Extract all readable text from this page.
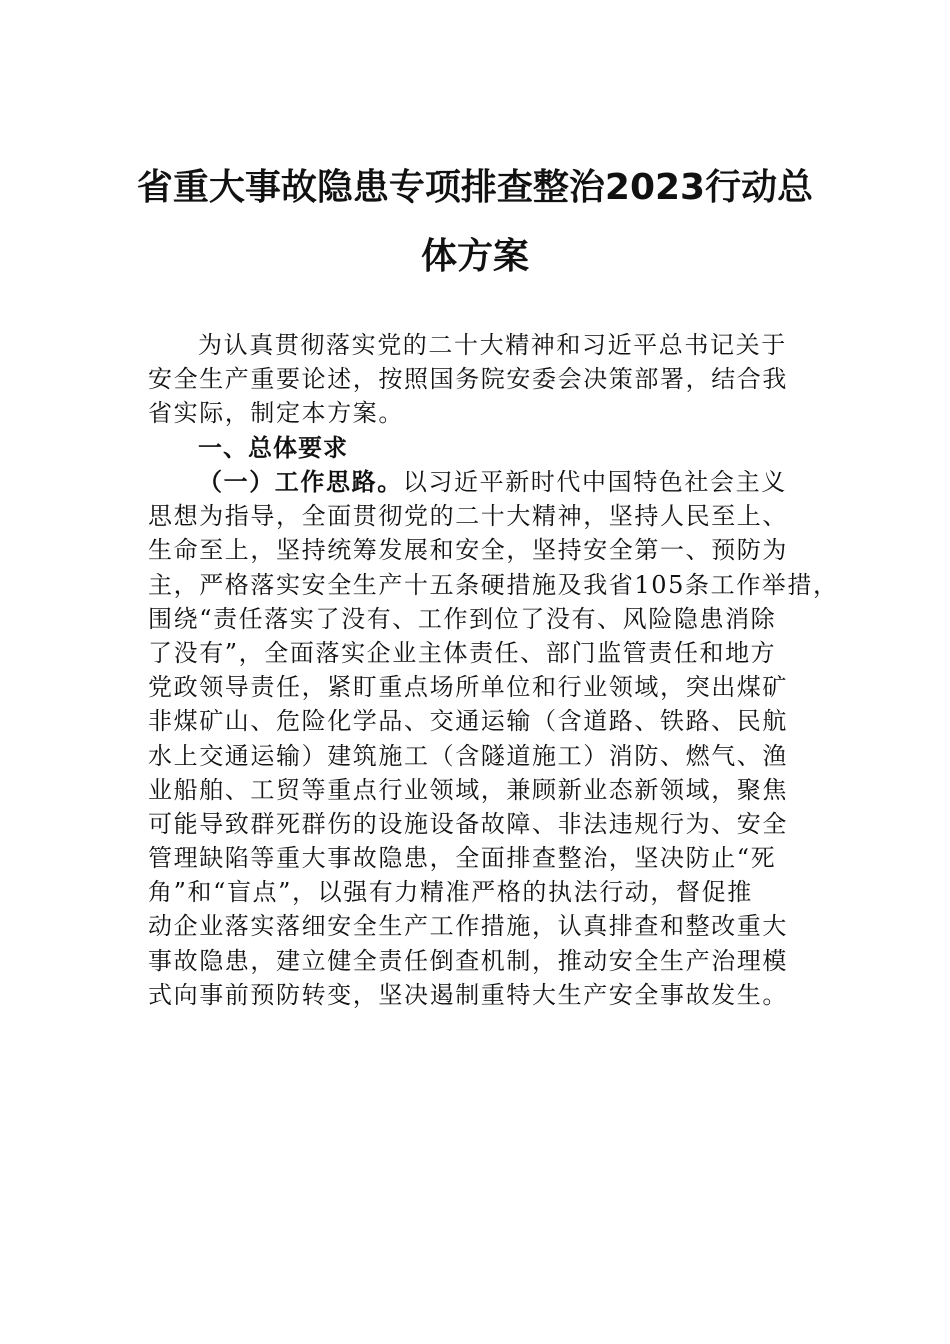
省重大事故隐患专项排查整治2023行动总
体方案
为认真贯彻落实党的二十大精神和习近平总书记关于
安全生产重要论述，按照国务院安委会决策部署，结合我
省实际，制定本方案。
一、总体要求
（一）工作思路。以习近平新时代中国特色社会主义
思想为指导，全面贯彻党的二十大精神，坚持人民至上、
生命至上，坚持统筹发展和安全，坚持安全第一、预防为
主，严格落实安全生产十五条硬措施及我省105条工作举措，
围绕“责任落实了没有、工作到位了没有、风险隐患消除
了没有”，全面落实企业主体责任、部门监管责任和地方
党政领导责任，紧盯重点场所单位和行业领域，突出煤矿
非煤矿山、危险化学品、交通运输（含道路、铁路、民航
水上交通运输）建筑施工（含隧道施工）消防、燃气、渔
业船舶、工贸等重点行业领域，兼顾新业态新领域，聚焦
可能导致群死群伤的设施设备故障、非法违规行为、安全
管理缺陷等重大事故隐患，全面排查整治，坚决防止“死
角”和“盲点”，以强有力精准严格的执法行动，督促推
动企业落实落细安全生产工作措施，认真排查和整改重大
事故隐患，建立健全责任倒查机制，推动安全生产治理模
式向事前预防转变，坚决遏制重特大生产安全事故发生。
